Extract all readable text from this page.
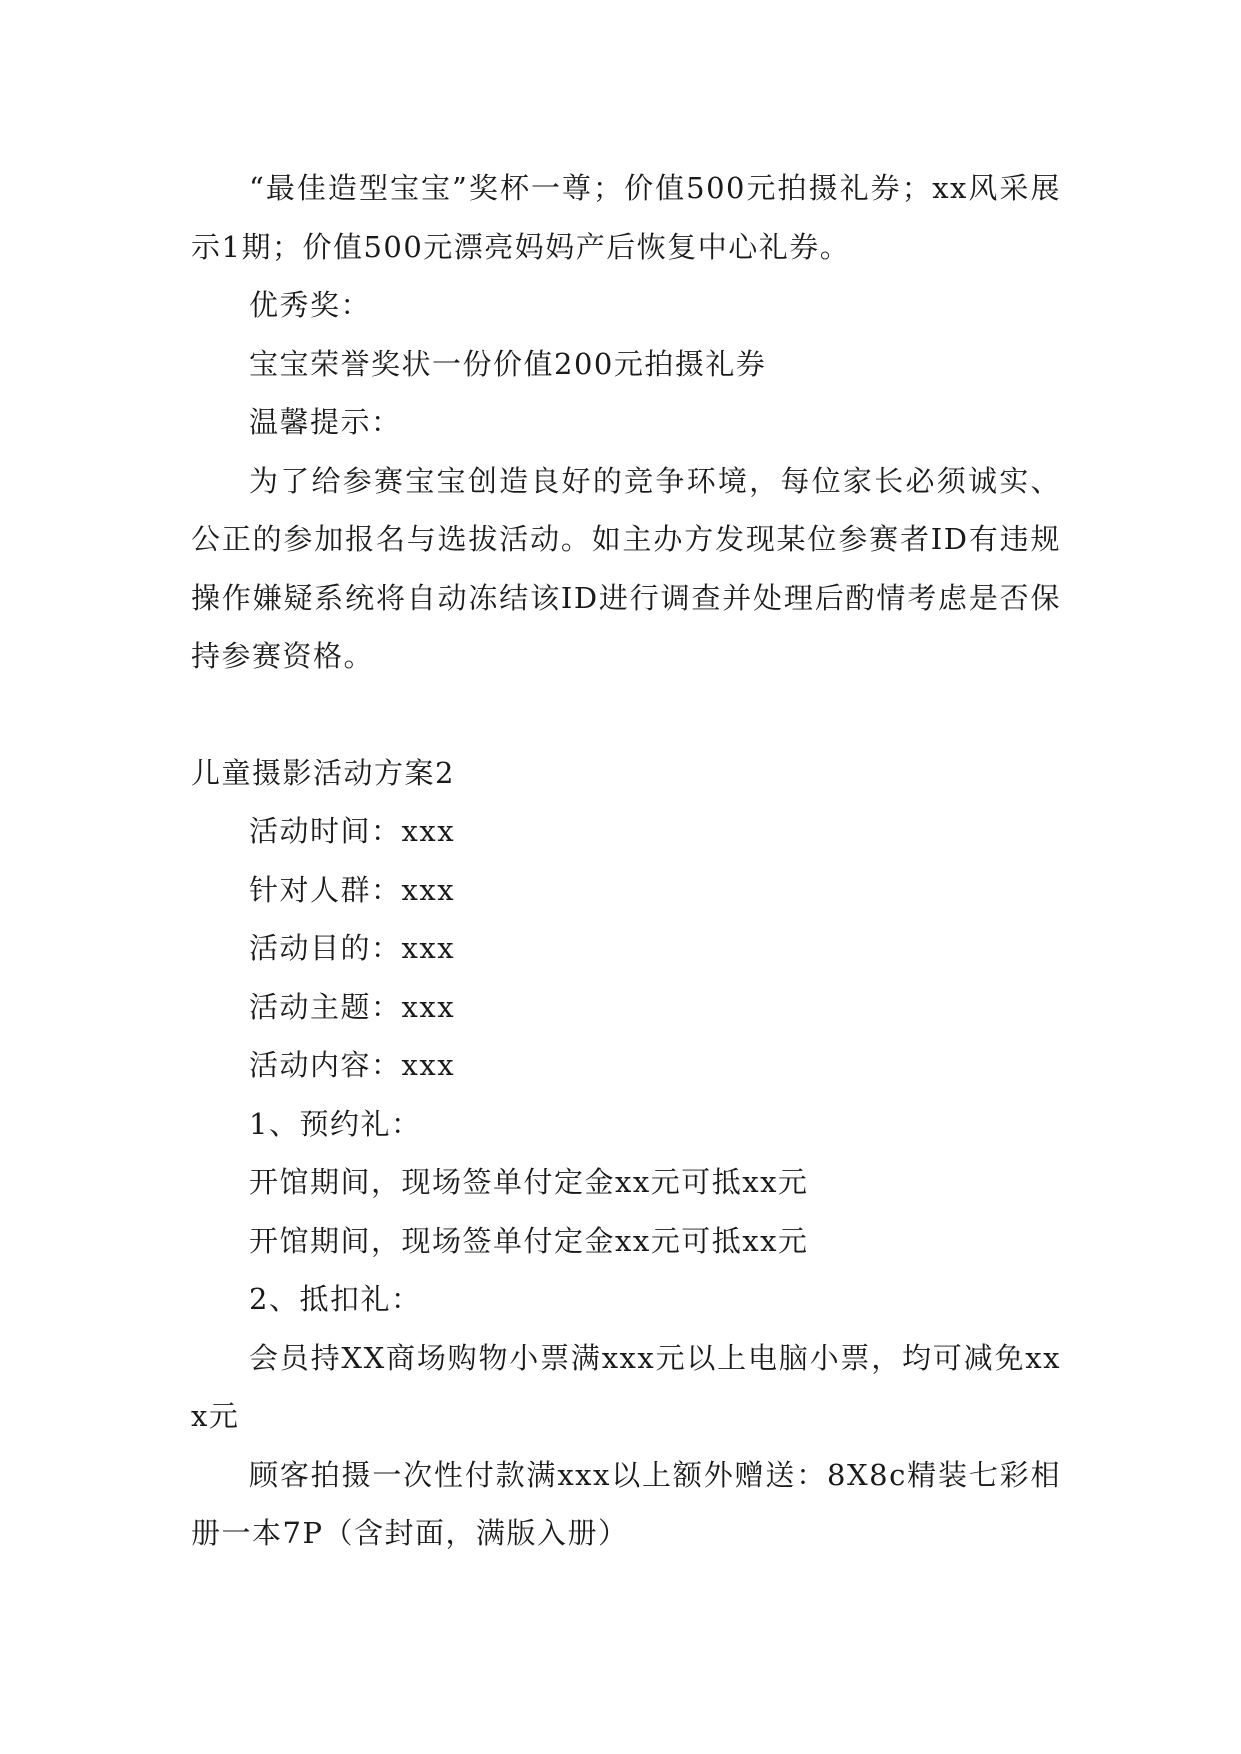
“最佳造型宝宝”奖杯一尊；价值500元拍摄礼券；xx风采展示1期；价值500元漂亮妈妈产后恢复中心礼券。

优秀奖：

宝宝荣誉奖状一份价值200元拍摄礼券

温馨提示：

为了给参赛宝宝创造良好的竞争环境，每位家长必须诚实、公正的参加报名与选拔活动。如主办方发现某位参赛者ID有违规操作嫌疑系统将自动冻结该ID进行调查并处理后酌情考虑是否保持参赛资格。

儿童摄影活动方案2

活动时间：xxx

针对人群：xxx

活动目的：xxx

活动主题：xxx

活动内容：xxx

1、预约礼：

开馆期间，现场签单付定金xx元可抵xx元

开馆期间，现场签单付定金xx元可抵xx元

2、抵扣礼：

会员持XX商场购物小票满xxx元以上电脑小票，均可减免xxx元

顾客拍摄一次性付款满xxx以上额外赠送：8X8c精装七彩相册一本7P（含封面，满版入册）
